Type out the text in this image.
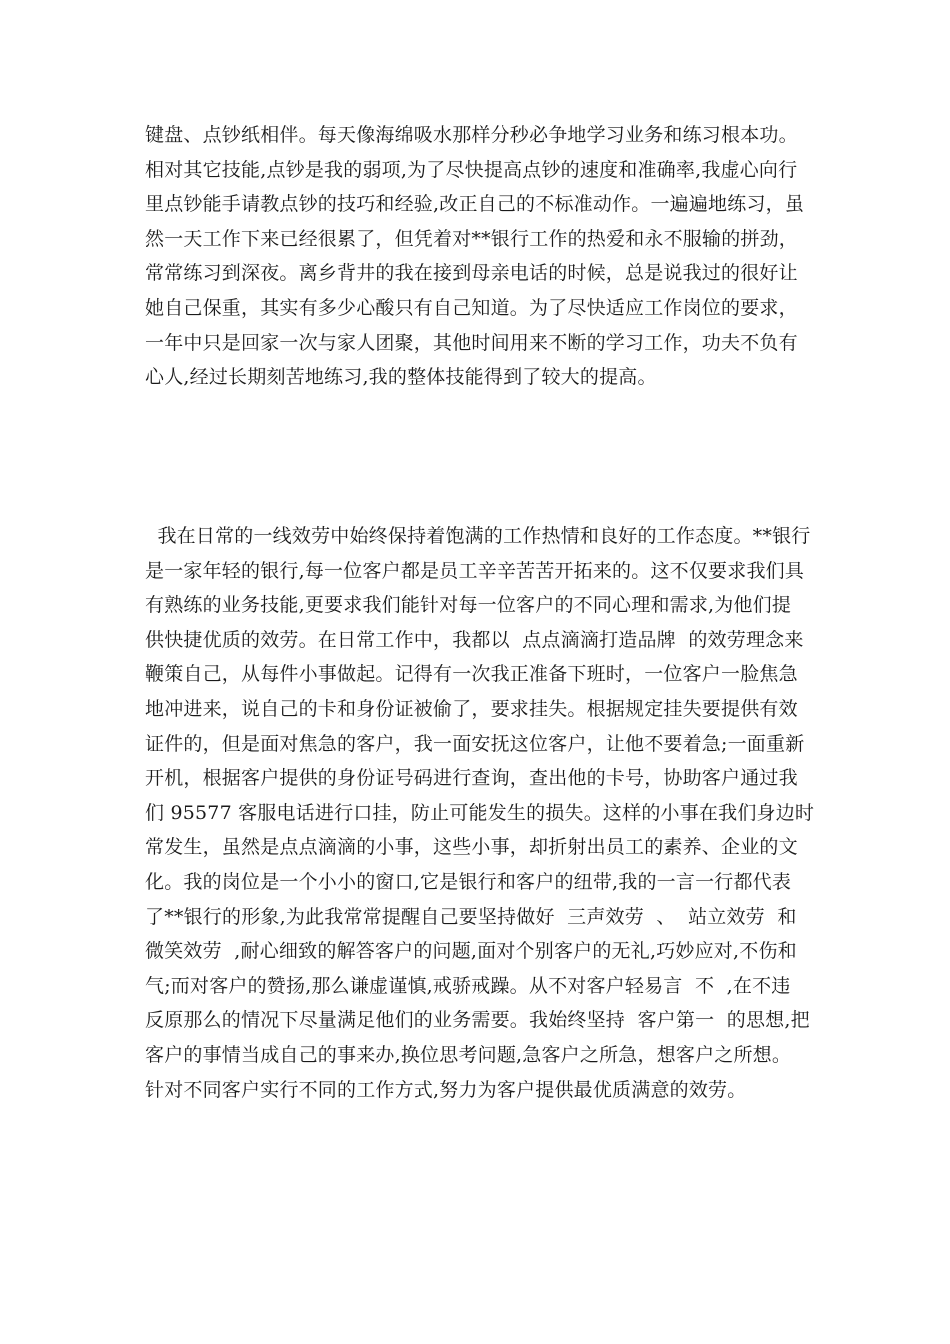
键盘、点钞纸相伴。每天像海绵吸水那样分秒必争地学习业务和练习根本功。
相对其它技能,点钞是我的弱项,为了尽快提高点钞的速度和准确率,我虚心向行
里点钞能手请教点钞的技巧和经验,改正自己的不标准动作。一遍遍地练习，虽
然一天工作下来已经很累了，但凭着对**银行工作的热爱和永不服输的拼劲，
常常练习到深夜。离乡背井的我在接到母亲电话的时候，总是说我过的很好让
她自己保重，其实有多少心酸只有自己知道。为了尽快适应工作岗位的要求，
一年中只是回家一次与家人团聚，其他时间用来不断的学习工作，功夫不负有
心人,经过长期刻苦地练习,我的整体技能得到了较大的提高。
我在日常的一线效劳中始终保持着饱满的工作热情和良好的工作态度。**银行
是一家年轻的银行,每一位客户都是员工辛辛苦苦开拓来的。这不仅要求我们具
有熟练的业务技能,更要求我们能针对每一位客户的不同心理和需求,为他们提
供快捷优质的效劳。在日常工作中，我都以  点点滴滴打造品牌  的效劳理念来
鞭策自己，从每件小事做起。记得有一次我正准备下班时，一位客户一脸焦急
地冲进来，说自己的卡和身份证被偷了，要求挂失。根据规定挂失要提供有效
证件的，但是面对焦急的客户，我一面安抚这位客户，让他不要着急;一面重新
开机，根据客户提供的身份证号码进行查询，查出他的卡号，协助客户通过我
们 95577 客服电话进行口挂，防止可能发生的损失。这样的小事在我们身边时
常发生，虽然是点点滴滴的小事，这些小事，却折射出员工的素养、企业的文
化。我的岗位是一个小小的窗口,它是银行和客户的纽带,我的一言一行都代表
了**银行的形象,为此我常常提醒自己要坚持做好  三声效劳  、  站立效劳  和
微笑效劳  ,耐心细致的解答客户的问题,面对个别客户的无礼,巧妙应对,不伤和
气;而对客户的赞扬,那么谦虚谨慎,戒骄戒躁。从不对客户轻易言  不  ,在不违
反原那么的情况下尽量满足他们的业务需要。我始终坚持  客户第一  的思想,把
客户的事情当成自己的事来办,换位思考问题,急客户之所急，想客户之所想。
针对不同客户实行不同的工作方式,努力为客户提供最优质满意的效劳。
